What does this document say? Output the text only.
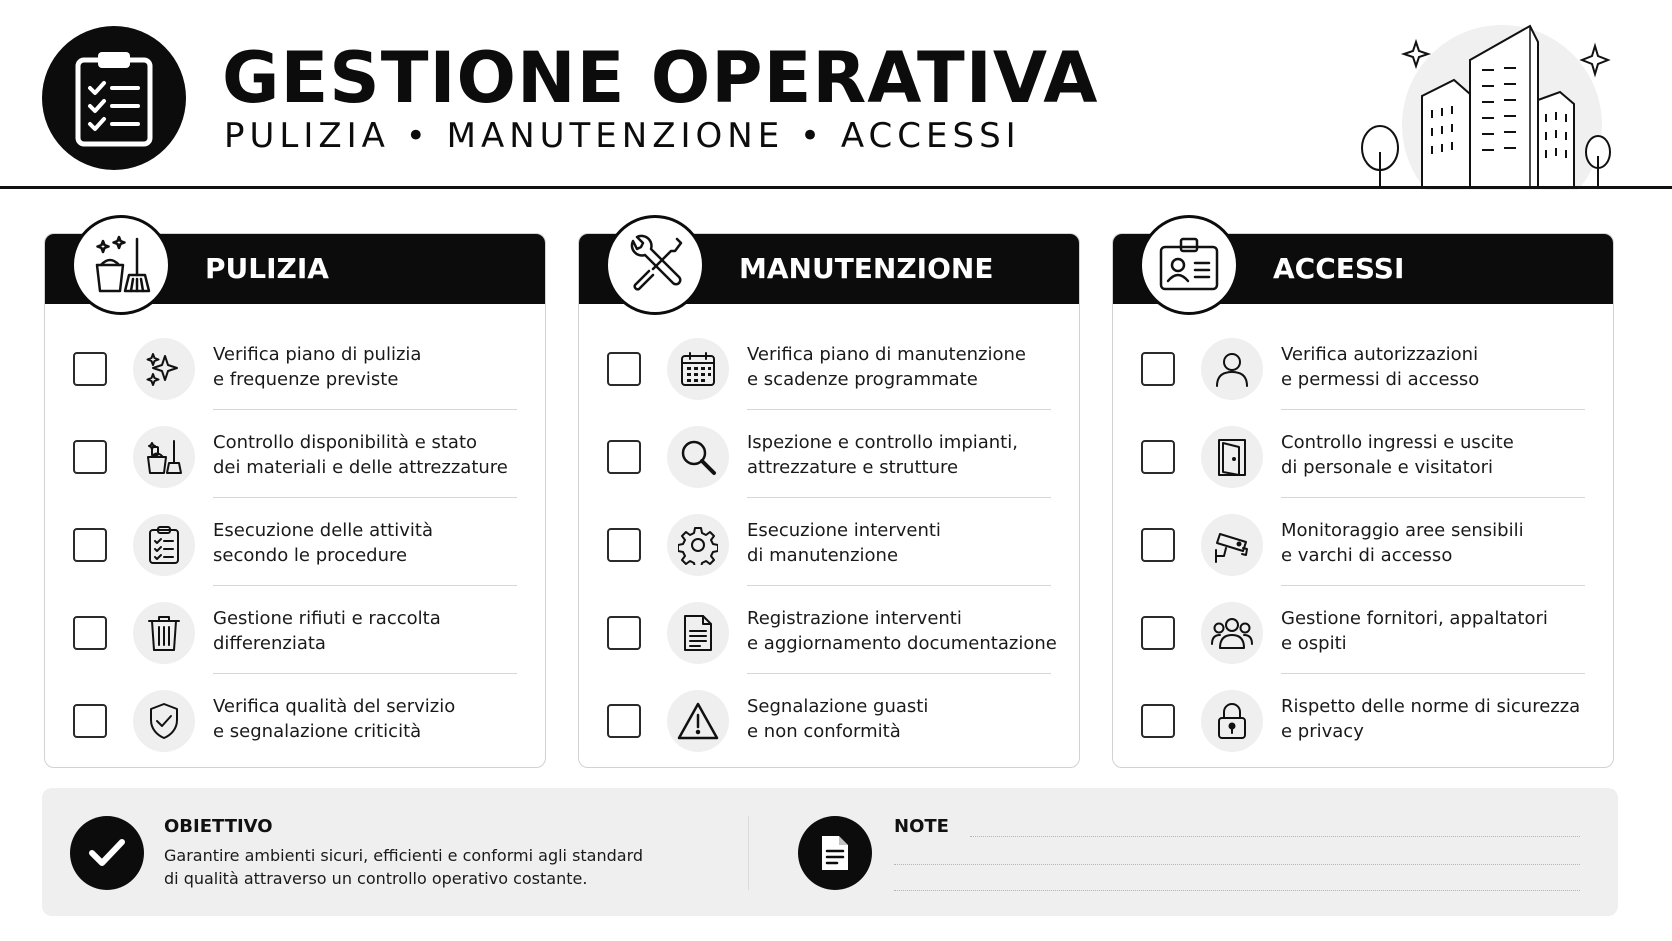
GESTIONE OPERATIVA
PULIZIA • MANUTENZIONE • ACCESSI
PULIZIA
Verifica piano di pulizia
e frequenze previste
Controllo disponibilità e stato
dei materiali e delle attrezzature
Esecuzione delle attività
secondo le procedure
Gestione rifiuti e raccolta
differenziata
Verifica qualità del servizio
e segnalazione criticità
MANUTENZIONE
Verifica piano di manutenzione
e scadenze programmate
Ispezione e controllo impianti,
attrezzature e strutture
Esecuzione interventi
di manutenzione
Registrazione interventi
e aggiornamento documentazione
Segnalazione guasti
e non conformità
ACCESSI
Verifica autorizzazioni
e permessi di accesso
Controllo ingressi e uscite
di personale e visitatori
Monitoraggio aree sensibili
e varchi di accesso
Gestione fornitori, appaltatori
e ospiti
Rispetto delle norme di sicurezza
e privacy
OBIETTIVO
Garantire ambienti sicuri, efficienti e conformi agli standard
di qualità attraverso un controllo operativo costante.
NOTE
